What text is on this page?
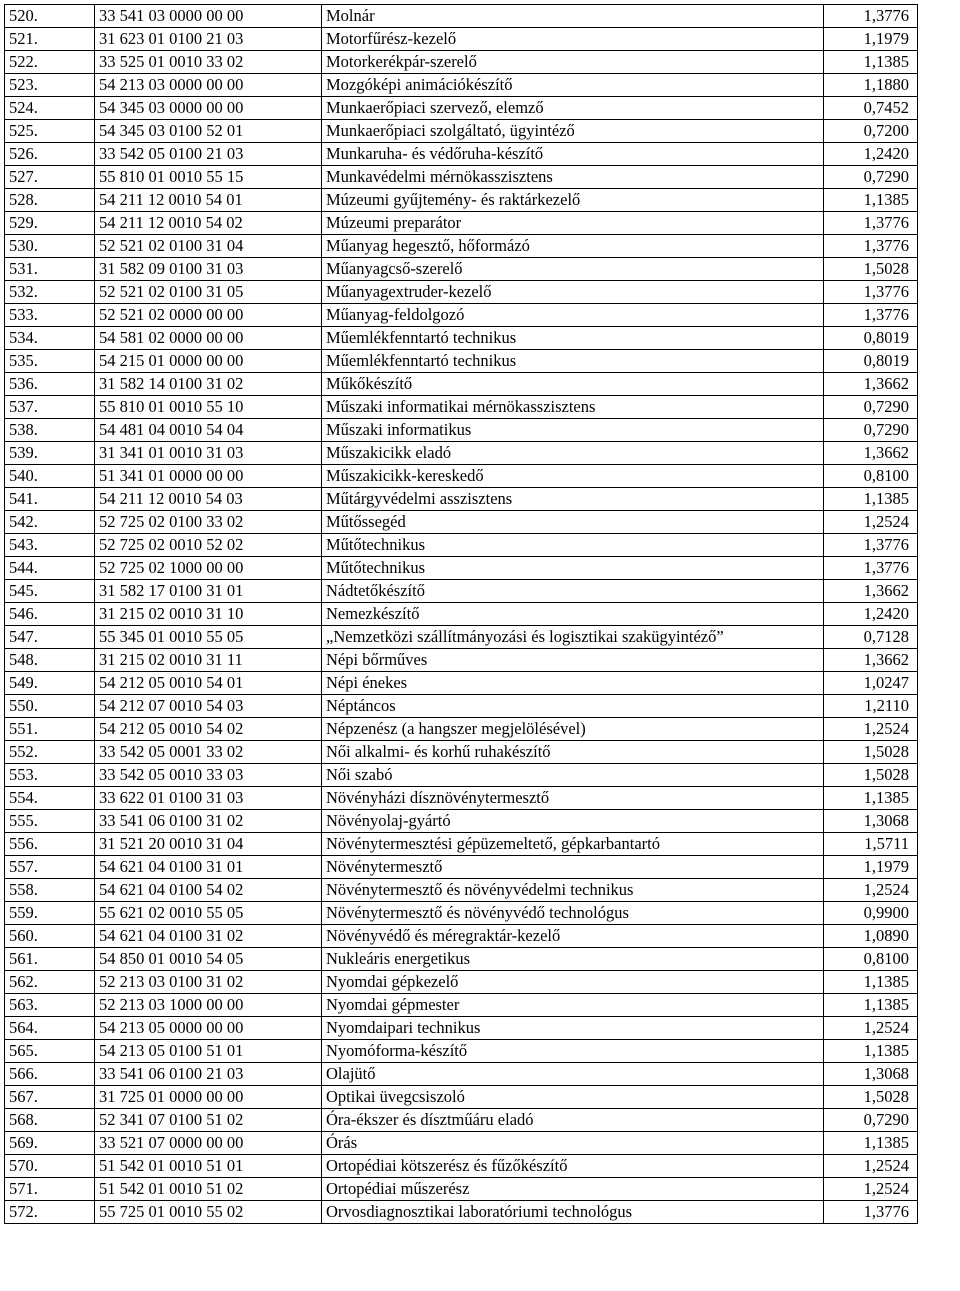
520.	33 541 03 0000 00 00	Molnár	1,3776
521.	31 623 01 0100 21 03	Motorfűrész-kezelő	1,1979
522.	33 525 01 0010 33 02	Motorkerékpár-szerelő	1,1385
523.	54 213 03 0000 00 00	Mozgóképi animációkészítő	1,1880
524.	54 345 03 0000 00 00	Munkaerőpiaci szervező, elemző	0,7452
525.	54 345 03 0100 52 01	Munkaerőpiaci szolgáltató, ügyintéző	0,7200
526.	33 542 05 0100 21 03	Munkaruha- és védőruha-készítő	1,2420
527.	55 810 01 0010 55 15	Munkavédelmi mérnökasszisztens	0,7290
528.	54 211 12 0010 54 01	Múzeumi gyűjtemény- és raktárkezelő	1,1385
529.	54 211 12 0010 54 02	Múzeumi preparátor	1,3776
530.	52 521 02 0100 31 04	Műanyag hegesztő, hőformázó	1,3776
531.	31 582 09 0100 31 03	Műanyagcső-szerelő	1,5028
532.	52 521 02 0100 31 05	Műanyagextruder-kezelő	1,3776
533.	52 521 02 0000 00 00	Műanyag-feldolgozó	1,3776
534.	54 581 02 0000 00 00	Műemlékfenntartó technikus	0,8019
535.	54 215 01 0000 00 00	Műemlékfenntartó technikus	0,8019
536.	31 582 14 0100 31 02	Műkőkészítő	1,3662
537.	55 810 01 0010 55 10	Műszaki informatikai mérnökasszisztens	0,7290
538.	54 481 04 0010 54 04	Műszaki informatikus	0,7290
539.	31 341 01 0010 31 03	Műszakicikk eladó	1,3662
540.	51 341 01 0000 00 00	Műszakicikk-kereskedő	0,8100
541.	54 211 12 0010 54 03	Műtárgyvédelmi asszisztens	1,1385
542.	52 725 02 0100 33 02	Műtőssegéd	1,2524
543.	52 725 02 0010 52 02	Műtőtechnikus	1,3776
544.	52 725 02 1000 00 00	Műtőtechnikus	1,3776
545.	31 582 17 0100 31 01	Nádtetőkészítő	1,3662
546.	31 215 02 0010 31 10	Nemezkészítő	1,2420
547.	55 345 01 0010 55 05	„Nemzetközi szállítmányozási és logisztikai szakügyintéző”	0,7128
548.	31 215 02 0010 31 11	Népi bőrműves	1,3662
549.	54 212 05 0010 54 01	Népi énekes	1,0247
550.	54 212 07 0010 54 03	Néptáncos	1,2110
551.	54 212 05 0010 54 02	Népzenész (a hangszer megjelölésével)	1,2524
552.	33 542 05 0001 33 02	Női alkalmi- és korhű ruhakészítő	1,5028
553.	33 542 05 0010 33 03	Női szabó	1,5028
554.	33 622 01 0100 31 03	Növényházi dísznövénytermesztő	1,1385
555.	33 541 06 0100 31 02	Növényolaj-gyártó	1,3068
556.	31 521 20 0010 31 04	Növénytermesztési gépüzemeltető, gépkarbantartó	1,5711
557.	54 621 04 0100 31 01	Növénytermesztő	1,1979
558.	54 621 04 0100 54 02	Növénytermesztő és növényvédelmi technikus	1,2524
559.	55 621 02 0010 55 05	Növénytermesztő és növényvédő technológus	0,9900
560.	54 621 04 0100 31 02	Növényvédő és méregraktár-kezelő	1,0890
561.	54 850 01 0010 54 05	Nukleáris energetikus	0,8100
562.	52 213 03 0100 31 02	Nyomdai gépkezelő	1,1385
563.	52 213 03 1000 00 00	Nyomdai gépmester	1,1385
564.	54 213 05 0000 00 00	Nyomdaipari technikus	1,2524
565.	54 213 05 0100 51 01	Nyomóforma-készítő	1,1385
566.	33 541 06 0100 21 03	Olajütő	1,3068
567.	31 725 01 0000 00 00	Optikai üvegcsiszoló	1,5028
568.	52 341 07 0100 51 02	Óra-ékszer és dísztműáru eladó	0,7290
569.	33 521 07 0000 00 00	Órás	1,1385
570.	51 542 01 0010 51 01	Ortopédiai kötszerész és fűzőkészítő	1,2524
571.	51 542 01 0010 51 02	Ortopédiai műszerész	1,2524
572.	55 725 01 0010 55 02	Orvosdiagnosztikai laboratóriumi technológus	1,3776
